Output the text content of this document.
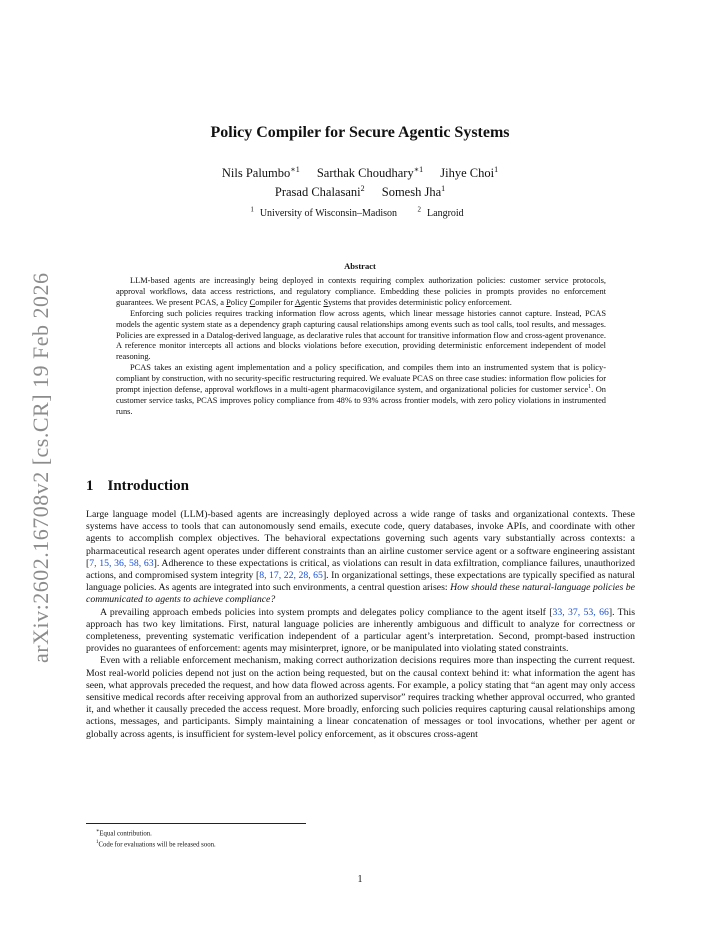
arXiv:2602.16708v2 [cs.CR] 19 Feb 2026
Policy Compiler for Secure Agentic Systems
Nils Palumbo$^{∗1}$ Sarthak Choudhary$^{∗1}$ Jihye Choi$^1$
Prasad Chalasani$^2$ Somesh Jha$^1$
$^1$ University of Wisconsin–Madison	$^2$ Langroid
Abstract

LLM-based agents are increasingly being deployed in contexts requiring complex authorization policies: customer service protocols, approval workflows, data access restrictions, and regulatory compliance. Embedding these policies in prompts provides no enforcement guarantees. We present PCAS, a Policy Compiler for Agentic Systems that provides deterministic policy enforcement.

Enforcing such policies requires tracking information flow across agents, which linear message histories cannot capture. Instead, PCAS models the agentic system state as a dependency graph capturing causal relationships among events such as tool calls, tool results, and messages. Policies are expressed in a Datalog-derived language, as declarative rules that account for transitive information flow and cross-agent provenance. A reference monitor intercepts all actions and blocks violations before execution, providing deterministic enforcement independent of model reasoning.

PCAS takes an existing agent implementation and a policy specification, and compiles them into an instrumented system that is policy-compliant by construction, with no security-specific restructuring required. We evaluate PCAS on three case studies: information flow policies for prompt injection defense, approval workflows in a multi-agent pharmacovigilance system, and organizational policies for customer service$^1$. On customer service tasks, PCAS improves policy compliance from 48% to 93% across frontier models, with zero policy violations in instrumented runs.

1 Introduction

Large language model (LLM)-based agents are increasingly deployed across a wide range of tasks and organizational contexts. These systems have access to tools that can autonomously send emails, execute code, query databases, invoke APIs, and coordinate with other agents to accomplish complex objectives. The behavioral expectations governing such agents vary substantially across contexts: a pharmaceutical research agent operates under different constraints than an airline customer service agent or a software engineering assistant [7, 15, 36, 58, 63]. Adherence to these expectations is critical, as violations can result in data exfiltration, compliance failures, unauthorized actions, and compromised system integrity [8, 17, 22, 28, 65]. In organizational settings, these expectations are typically specified as natural language policies. As agents are integrated into such environments, a central question arises: How should these natural-language policies be communicated to agents to achieve compliance?

A prevailing approach embeds policies into system prompts and delegates policy compliance to the agent itself [33, 37, 53, 66]. This approach has two key limitations. First, natural language policies are inherently ambiguous and difficult to analyze for correctness or completeness, preventing systematic verification independent of a particular agent’s interpretation. Second, prompt-based instruction provides no guarantees of enforcement: agents may misinterpret, ignore, or be manipulated into violating stated constraints.

Even with a reliable enforcement mechanism, making correct authorization decisions requires more than inspecting the current request. Most real-world policies depend not just on the action being requested, but on the causal context behind it: what information the agent has seen, what approvals preceded the request, and how data flowed across agents. For example, a policy stating that “an agent may only access sensitive medical records after receiving approval from an authorized supervisor” requires tracking whether approval occurred, who granted it, and whether it causally preceded the access request. More broadly, enforcing such policies requires capturing causal relationships among actions, messages, and participants. Simply maintaining a linear concatenation of messages or tool invocations, whether per agent or globally across agents, is insufficient for system-level policy enforcement, as it obscures cross-agent

∗Equal contribution.
$^1$Code for evaluations will be released soon.
1
